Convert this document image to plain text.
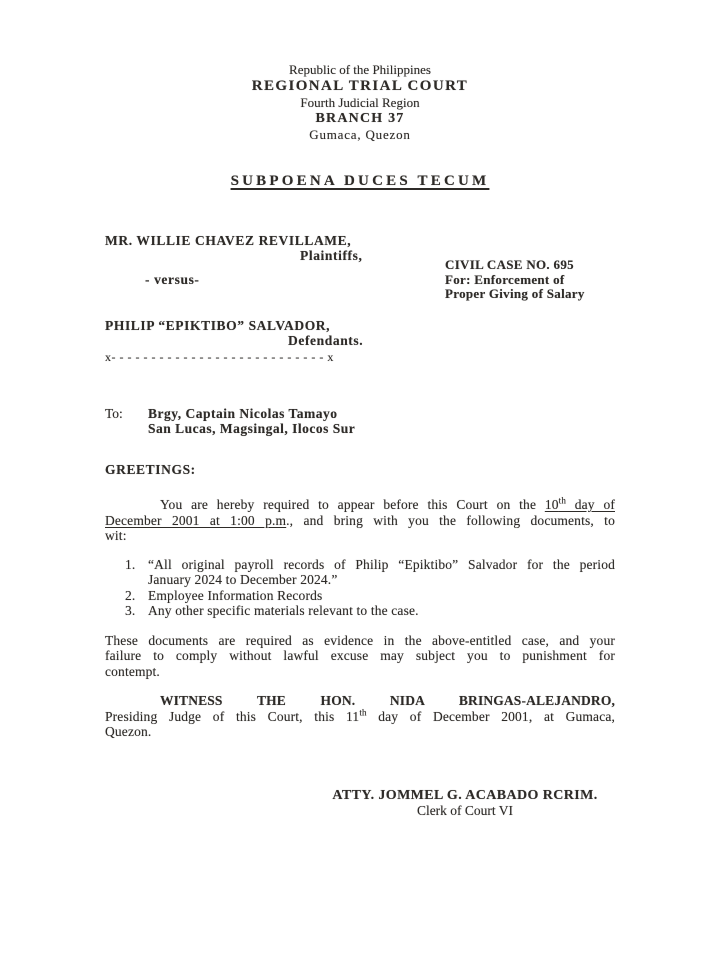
Republic of the Philippines
REGIONAL TRIAL COURT
Fourth Judicial Region
BRANCH 37
Gumaca, Quezon
SUBPOENA DUCES TECUM
CIVIL CASE NO. 695
For: Enforcement of
Proper Giving of Salary
MR. WILLIE CHAVEZ REVILLAME,
Plaintiffs,
- versus-
PHILIP “EPIKTIBO” SALVADOR,
Defendants.
x- - - - - - - - - - - - - - - - - - - - - - - - - - - x
To:	Brgy, Captain Nicolas Tamayo
San Lucas, Magsingal, Ilocos Sur
GREETINGS:
You are hereby required to appear before this Court on the 10th day of
December 2001 at 1:00 p.m., and bring with you the following documents, to
wit:
1. “All original payroll records of Philip “Epiktibo” Salvador for the period
January 2024 to December 2024.”
2. Employee Information Records
3. Any other specific materials relevant to the case.
These documents are required as evidence in the above-entitled case, and your
failure to comply without lawful excuse may subject you to punishment for
contempt.
WITNESS THE HON. NIDA BRINGAS-ALEJANDRO,
Presiding Judge of this Court, this 11th day of December 2001, at Gumaca,
Quezon.
ATTY. JOMMEL G. ACABADO RCRIM.
Clerk of Court VI
